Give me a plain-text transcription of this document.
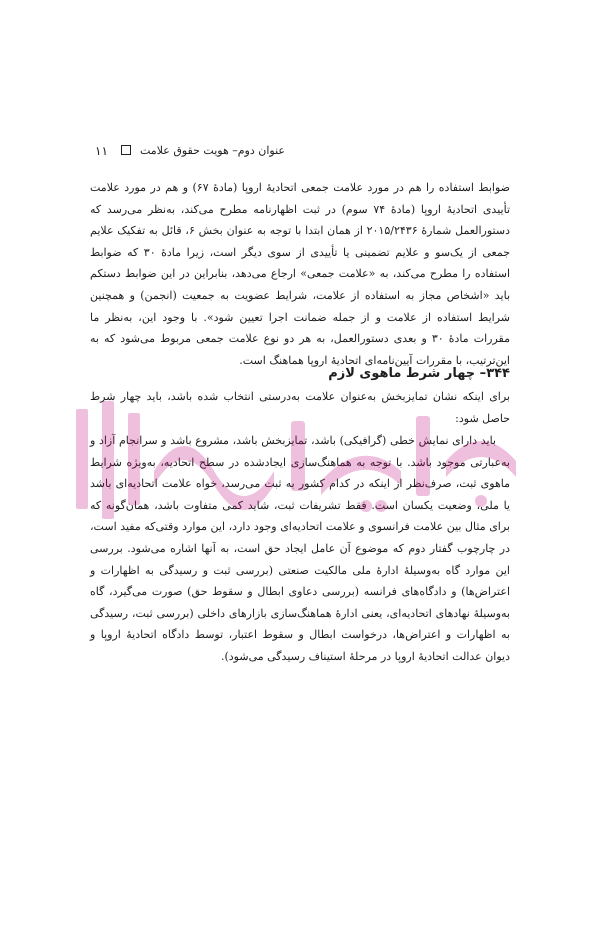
۱۱	عنوان دوم– هویت حقوق علامت

ضوابط استفاده را هم در مورد علامت جمعی اتحادیهٔ اروپا (مادهٔ ۶۷) و هم در مورد علامت تأییدی اتحادیهٔ اروپا (مادهٔ ۷۴ سوم) در ثبت اظهارنامه مطرح می‌کند، به‌نظر می‌رسد که دستورالعمل شمارهٔ ۲۰۱۵/۲۴۳۶ از همان ابتدا با توجه به عنوان بخش ۶، قائل به تفکیک علایم جمعی از یک‌سو و علایم تضمینی یا تأییدی از سوی دیگر است، زیرا مادهٔ ۳۰ که ضوابط استفاده را مطرح می‌کند، به «علامت جمعی» ارجاع می‌دهد، بنابراین در این ضوابط دستکم باید «اشخاص مجاز به استفاده از علامت، شرایط عضویت به جمعیت (انجمن) و همچنین شرایط استفاده از علامت و از جمله ضمانت اجرا تعیین شود». با وجود این، به‌نظر ما مقررات مادهٔ ۳۰ و بعدی دستورالعمل، به هر دو نوع علامت جمعی مربوط می‌شود که به این‌ترتیب، با مقررات آیین‌نامه‌ای اتحادیهٔ اروپا هماهنگ است.

۳۴۴– چهار شرط ماهوی لازم

برای اینکه نشان تمایزبخش به‌عنوان علامت به‌درستی انتخاب شده باشد، باید چهار شرط حاصل شود:

باید دارای نمایش خطی (گرافیکی) باشد، تمایزبخش باشد، مشروع باشد و سرانجام آزاد و به‌عبارتی موجود باشد. با توجه به هماهنگ‌سازی ایجادشده در سطح اتحادیه، به‌ویژه شرایط ماهوی ثبت، صرف‌نظر از اینکه در کدام کشور به ثبت می‌رسد، خواه علامت اتحادیه‌ای باشد یا ملی، وضعیت یکسان است. فقط تشریفات ثبت، شاید کمی متفاوت باشد، همان‌گونه که برای مثال بین علامت فرانسوی و علامت اتحادیه‌ای وجود دارد، این موارد وقتی‌که مفید است، در چارچوب گفتار دوم که موضوع آن عامل ایجاد حق است، به آنها اشاره می‌شود. بررسی این موارد گاه به‌وسیلهٔ ادارهٔ ملی مالکیت صنعتی (بررسی ثبت و رسیدگی به اظهارات و اعتراض‌ها) و دادگاه‌های فرانسه (بررسی دعاوی ابطال و سقوط حق) صورت می‌گیرد، گاه به‌وسیلهٔ نهادهای اتحادیه‌ای، یعنی ادارهٔ هماهنگ‌سازی بازارهای داخلی (بررسی ثبت، رسیدگی به اظهارات و اعتراض‌ها، درخواست ابطال و سقوط اعتبار، توسط دادگاه اتحادیهٔ اروپا و دیوان عدالت اتحادیهٔ اروپا در مرحلهٔ استیناف رسیدگی می‌شود).
